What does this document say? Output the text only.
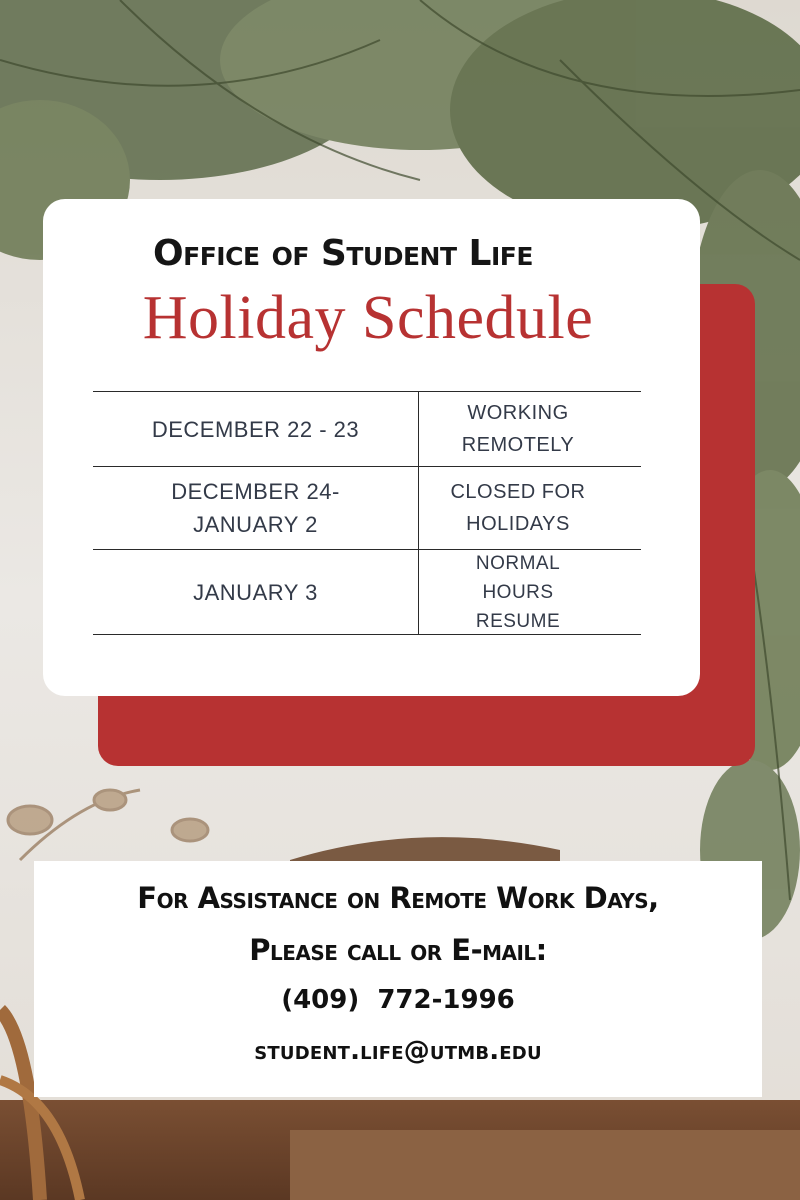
Office of Student Life
Holiday Schedule
DECEMBER 22 - 23
WORKING REMOTELY
DECEMBER 24- JANUARY 2
CLOSED FOR HOLIDAYS
JANUARY 3
NORMAL HOURS RESUME
For Assistance on Remote Work Days,
Please call or E-mail:
(409)  772-1996
student.life@utmb.edu
